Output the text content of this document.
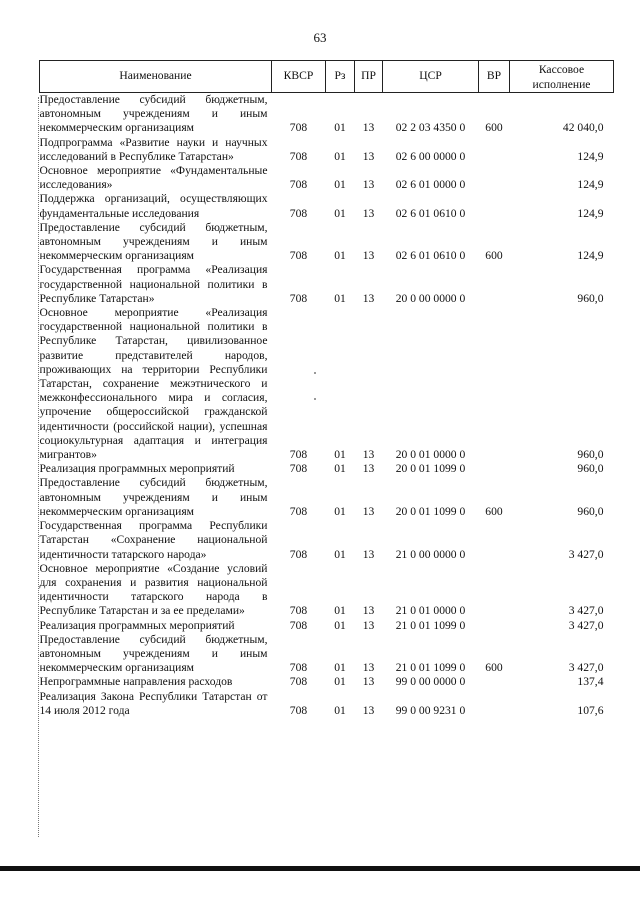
63
Наименование	КВСР	Рз	ПР	ЦСР	ВР	Кассовое исполнение
Предоставление субсидий бюджетным, автономным учреждениям и иным некоммерческим организациям	708	01	13	02 2 03 4350 0	600	42 040,0
Подпрограмма «Развитие науки и научных исследований в Республике Татарстан»	708	01	13	02 6 00 0000 0		124,9
Основное мероприятие «Фундаментальные исследования»	708	01	13	02 6 01 0000 0		124,9
Поддержка организаций, осуществляющих фундаментальные исследования	708	01	13	02 6 01 0610 0		124,9
Предоставление субсидий бюджетным, автономным учреждениям и иным некоммерческим организациям	708	01	13	02 6 01 0610 0	600	124,9
Государственная программа «Реализация государственной национальной политики в Республике Татарстан»	708	01	13	20 0 00 0000 0		960,0
Основное мероприятие «Реализация государственной национальной политики в Республике Татарстан, цивилизованное развитие представителей народов, проживающих на территории Республики Татарстан, сохранение межэтнического и межконфессионального мира и согласия, упрочение общероссийской гражданской идентичности (российской нации), успешная социокультурная адаптация и интеграция мигрантов»	708	01	13	20 0 01 0000 0		960,0
Реализация программных мероприятий	708	01	13	20 0 01 1099 0		960,0
Предоставление субсидий бюджетным, автономным учреждениям и иным некоммерческим организациям	708	01	13	20 0 01 1099 0	600	960,0
Государственная программа Республики Татарстан «Сохранение национальной идентичности татарского народа»	708	01	13	21 0 00 0000 0		3 427,0
Основное мероприятие «Создание условий для сохранения и развития национальной идентичности татарского народа в Республике Татарстан и за ее пределами»	708	01	13	21 0 01 0000 0		3 427,0
Реализация программных мероприятий	708	01	13	21 0 01 1099 0		3 427,0
Предоставление субсидий бюджетным, автономным учреждениям и иным некоммерческим организациям	708	01	13	21 0 01 1099 0	600	3 427,0
Непрограммные направления расходов	708	01	13	99 0 00 0000 0		137,4
Реализация Закона Республики Татарстан от 14 июля 2012 года	708	01	13	99 0 00 9231 0		107,6
